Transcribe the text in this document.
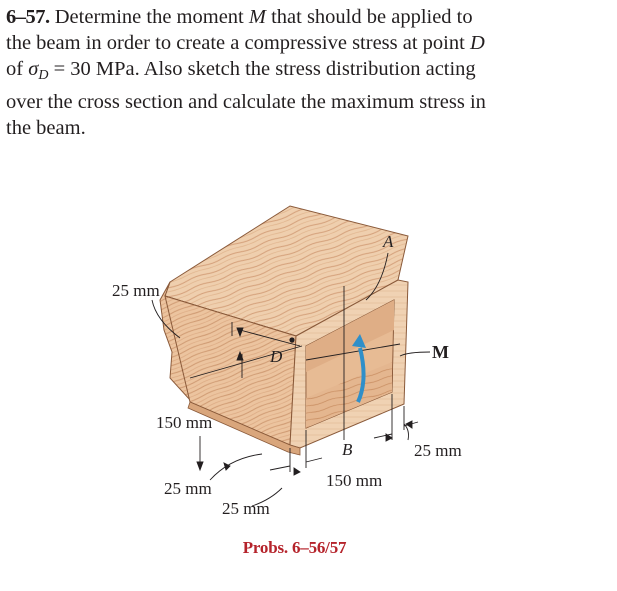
6–57. Determine the moment M that should be applied to
the beam in order to create a compressive stress at point D
of $\sigma_D = 30$ MPa. Also sketch the stress distribution acting
over the cross section and calculate the maximum stress in
the beam.
A
B
D	M
25 mm
150 mm
25 mm
25 mm
150 mm
25 mm
Probs. 6–56/57
